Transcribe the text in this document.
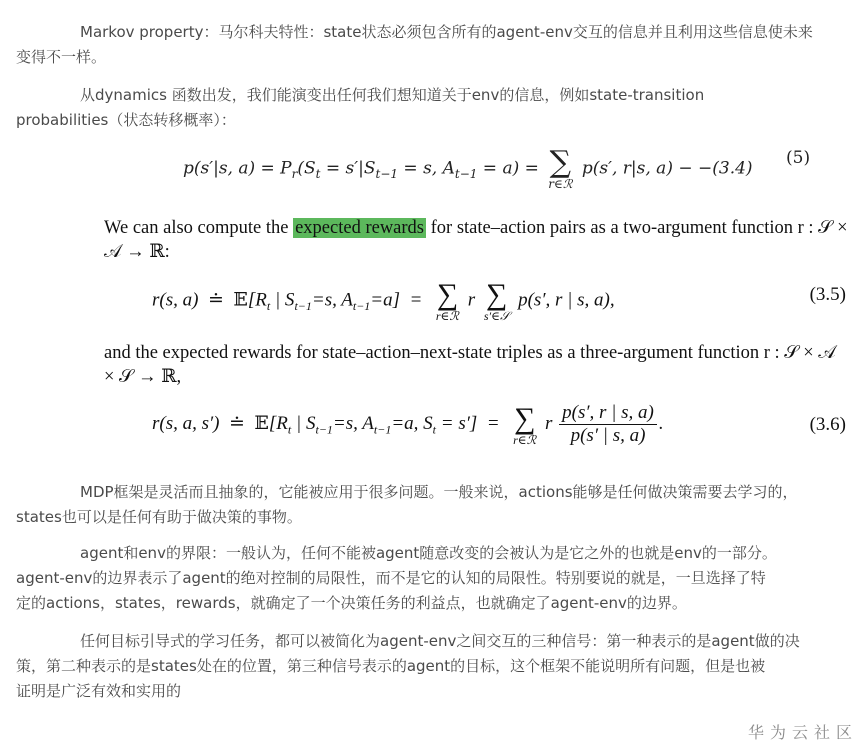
Markov property：马尔科夫特性：state状态必须包含所有的agent-env交互的信息并且利用这些信息使未来
变得不一样。

从dynamics 函数出发，我们能演变出任何我们想知道关于env的信息，例如state-transition
probabilities（状态转移概率）：

p(s′|s, $a) = P_r(S_t = s'|S_{t-1} = s$, $A_{t-1} = a$) = ∑
r∈ℛ
p(s′, r|s, a) − −(3.4)
(5)

We can also compute the expected rewards for state–action pairs as a two-argument function r : 𝒮 × 𝒜 → ℝ:

r(s, a)  ≐  $𝔼[R_t$ | $S_{t-1}=s$, $A_{t-1}=a$]  = ∑
r∈ℛ
r ∑
s′∈𝒮
p(s′, r | s, a),	(3.5)

and the expected rewards for state–action–next-state triples as a three-argument function r : 𝒮 × 𝒜 × 𝒮 → ℝ,

r(s, a, s′)  ≐  $𝔼[R_t$ | $S_{t-1}=s$, $A_{t-1}=a$, $S_t = s'$]  = ∑
r∈ℛ
r $\frac{p(s', r | s, a)}{p(s' | s, a)}$ .	(3.6)

MDP框架是灵活而且抽象的，它能被应用于很多问题。一般来说，actions能够是任何做决策需要去学习的，
states也可以是任何有助于做决策的事物。

agent和env的界限：一般认为，任何不能被agent随意改变的会被认为是它之外的也就是env的一部分。
agent-env的边界表示了agent的绝对控制的局限性，而不是它的认知的局限性。特别要说的就是，一旦选择了特
定的actions，states，rewards，就确定了一个决策任务的利益点，也就确定了agent-env的边界。

任何目标引导式的学习任务，都可以被简化为agent-env之间交互的三种信号：第一种表示的是agent做的决
策，第二种表示的是states处在的位置，第三种信号表示的agent的目标，这个框架不能说明所有问题，但是也被
证明是广泛有效和实用的

华为云社区
